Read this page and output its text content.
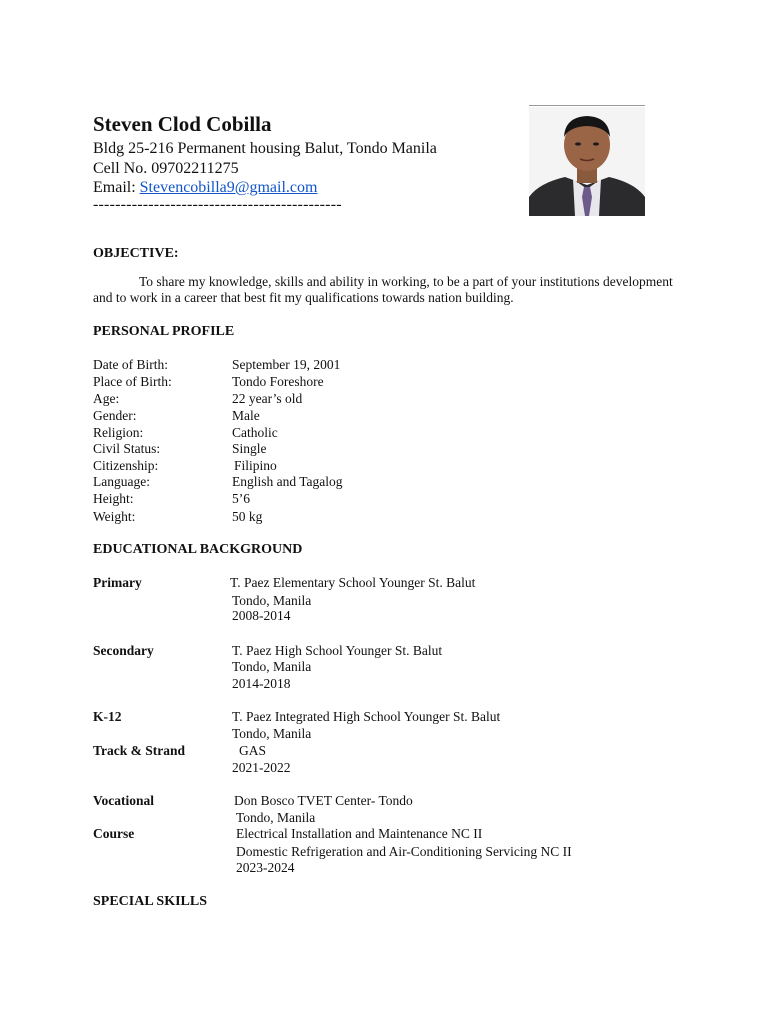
Steven Clod Cobilla
Bldg 25-216 Permanent housing Balut, Tondo Manila
Cell No. 09702211275
Email: Stevencobilla9@gmail.com
---------------------------------------------
OBJECTIVE:
To share my knowledge, skills and ability in working, to be a part of your institutions development and to work in a career that best fit my qualifications towards nation building.
PERSONAL PROFILE
Date of Birth:	September 19, 2001
Place of Birth:	Tondo Foreshore
Age:	22 year’s old
Gender:	Male
Religion:	Catholic
Civil Status:	Single
Citizenship:	Filipino
Language:	English and Tagalog
Height:	5’6
Weight:	50 kg
EDUCATIONAL BACKGROUND
Primary	T. Paez Elementary School Younger St. Balut
Tondo, Manila
2008-2014
Secondary	T. Paez High School Younger St. Balut
Tondo, Manila
2014-2018
K-12	T. Paez Integrated High School Younger St. Balut
Tondo, Manila
Track & Strand	GAS
2021-2022
Vocational	Don Bosco TVET Center- Tondo
Tondo, Manila
Course	Electrical Installation and Maintenance NC II
Domestic Refrigeration and Air-Conditioning Servicing NC II
2023-2024
SPECIAL SKILLS
